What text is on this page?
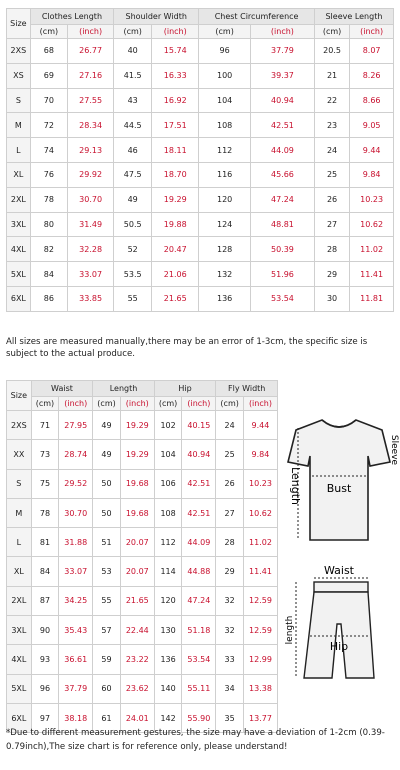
Size	Clothes Length		Shoulder Width		Chest Circumference		Sleeve Length	
	(cm)	(inch)	(cm)	(inch)	(cm)	(inch)	(cm)	(inch)
2XS	68	26.77	40	15.74	96	37.79	20.5	8.07
XS	69	27.16	41.5	16.33	100	39.37	21	8.26
S	70	27.55	43	16.92	104	40.94	22	8.66
M	72	28.34	44.5	17.51	108	42.51	23	9.05
L	74	29.13	46	18.11	112	44.09	24	9.44
XL	76	29.92	47.5	18.70	116	45.66	25	9.84
2XL	78	30.70	49	19.29	120	47.24	26	10.23
3XL	80	31.49	50.5	19.88	124	48.81	27	10.62
4XL	82	32.28	52	20.47	128	50.39	28	11.02
5XL	84	33.07	53.5	21.06	132	51.96	29	11.41
6XL	86	33.85	55	21.65	136	53.54	30	11.81
All sizes are measured manually,there may be an error of 1-3cm, the specific size is subject to the actual produce.
Size	Waist		Length		Hip		Fly Width	
	(cm)	(inch)	(cm)	(inch)	(cm)	(inch)	(cm)	(inch)
2XS	71	27.95	49	19.29	102	40.15	24	9.44
XX	73	28.74	49	19.29	104	40.94	25	9.84
S	75	29.52	50	19.68	106	42.51	26	10.23
M	78	30.70	50	19.68	108	42.51	27	10.62
L	81	31.88	51	20.07	112	44.09	28	11.02
XL	84	33.07	53	20.07	114	44.88	29	11.41
2XL	87	34.25	55	21.65	120	47.24	32	12.59
3XL	90	35.43	57	22.44	130	51.18	32	12.59
4XL	93	36.61	59	23.22	136	53.54	33	12.99
5XL	96	37.79	60	23.62	140	55.11	34	13.38
6XL	97	38.18	61	24.01	142	55.90	35	13.77
Bust
Length
Sleeve
Waist
Hip
length
*Due to different measurement gestures, the size may have a deviation of 1-2cm (0.39-0.79inch),The size chart is for reference only, please understand!
